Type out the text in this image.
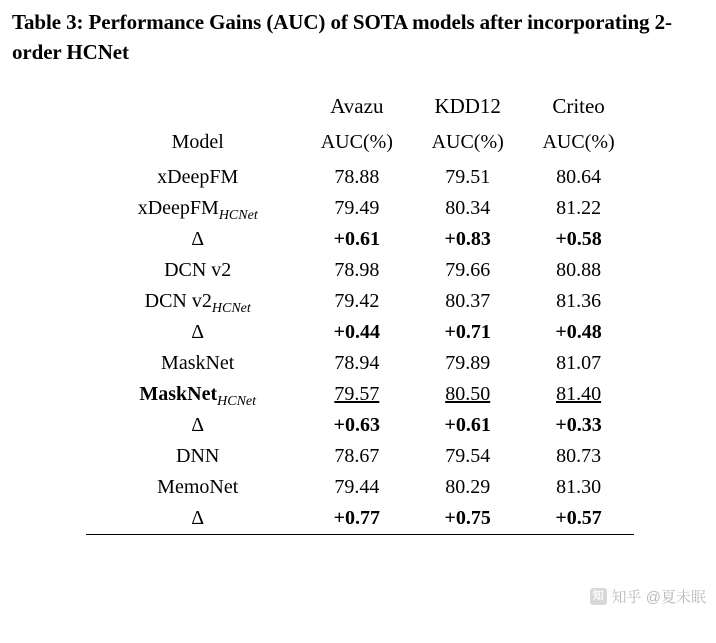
Table 3: Performance Gains (AUC) of SOTA models after incorporating 2-order HCNet
	Avazu	KDD12	Criteo
Model	AUC(%)	AUC(%)	AUC(%)
xDeepFM	78.88	79.51	80.64
xDeepFM$_{HCNet}$	79.49	80.34	81.22
Δ	+0.61	+0.83	+0.58
DCN v2	78.98	79.66	80.88
DCN $v2_{HCNet}$	79.42	80.37	81.36
Δ	+0.44	+0.71	+0.48
MaskNet	78.94	79.89	81.07
MaskNet$_{HCNet}$	79.57	80.50	81.40
Δ	+0.63	+0.61	+0.33
DNN	78.67	79.54	80.73
MemoNet	79.44	80.29	81.30
Δ	+0.77	+0.75	+0.57
知 知乎 @夏未眠
